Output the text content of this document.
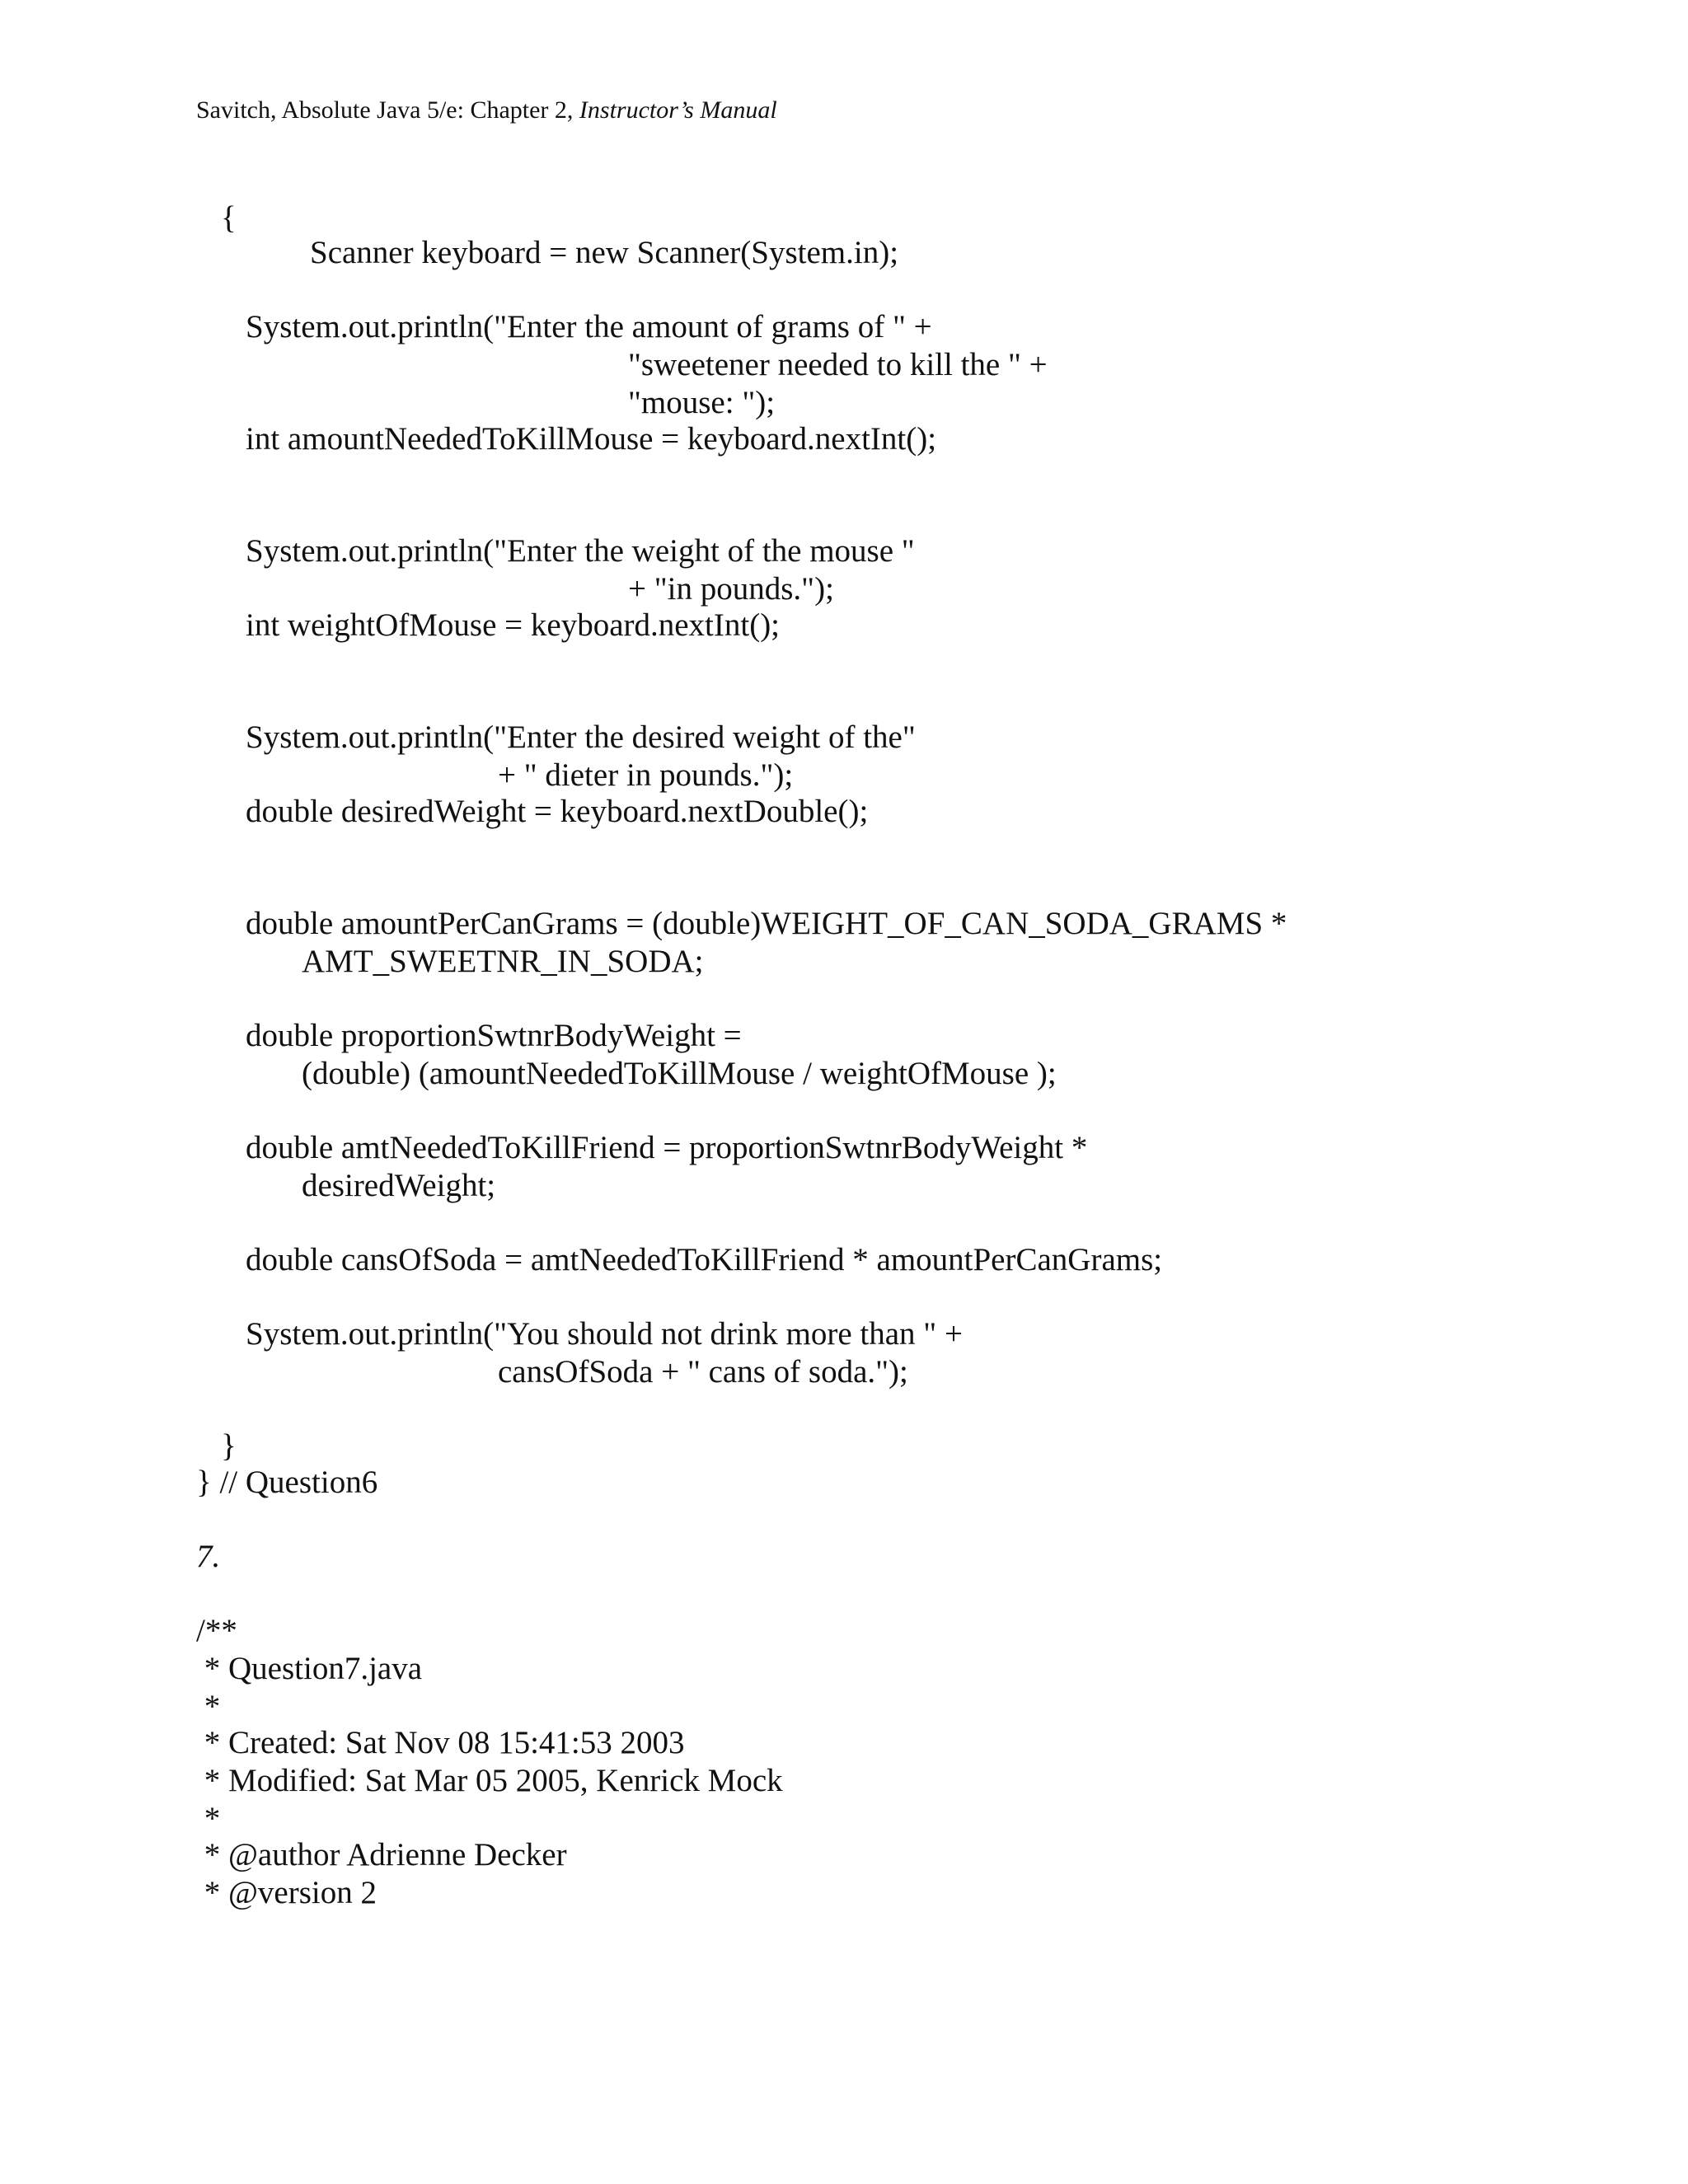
Savitch, Absolute Java 5/e: Chapter 2, Instructor’s Manual
{
Scanner keyboard = new Scanner(System.in);
System.out.println("Enter the amount of grams of " +
"sweetener needed to kill the " +
"mouse: ");
int amountNeededToKillMouse = keyboard.nextInt();
System.out.println("Enter the weight of the mouse "
+ "in pounds.");
int weightOfMouse = keyboard.nextInt();
System.out.println("Enter the desired weight of the"
+ " dieter in pounds.");
double desiredWeight = keyboard.nextDouble();
double amountPerCanGrams = (double)WEIGHT_OF_CAN_SODA_GRAMS *
AMT_SWEETNR_IN_SODA;
double proportionSwtnrBodyWeight =
(double) (amountNeededToKillMouse / weightOfMouse );
double amtNeededToKillFriend = proportionSwtnrBodyWeight *
desiredWeight;
double cansOfSoda = amtNeededToKillFriend * amountPerCanGrams;
System.out.println("You should not drink more than " +
cansOfSoda + " cans of soda.");
}
} // Question6
7.
/**
* Question7.java
*
* Created: Sat Nov 08 15:41:53 2003
* Modified: Sat Mar 05 2005, Kenrick Mock
*
* @author Adrienne Decker
* @version 2
